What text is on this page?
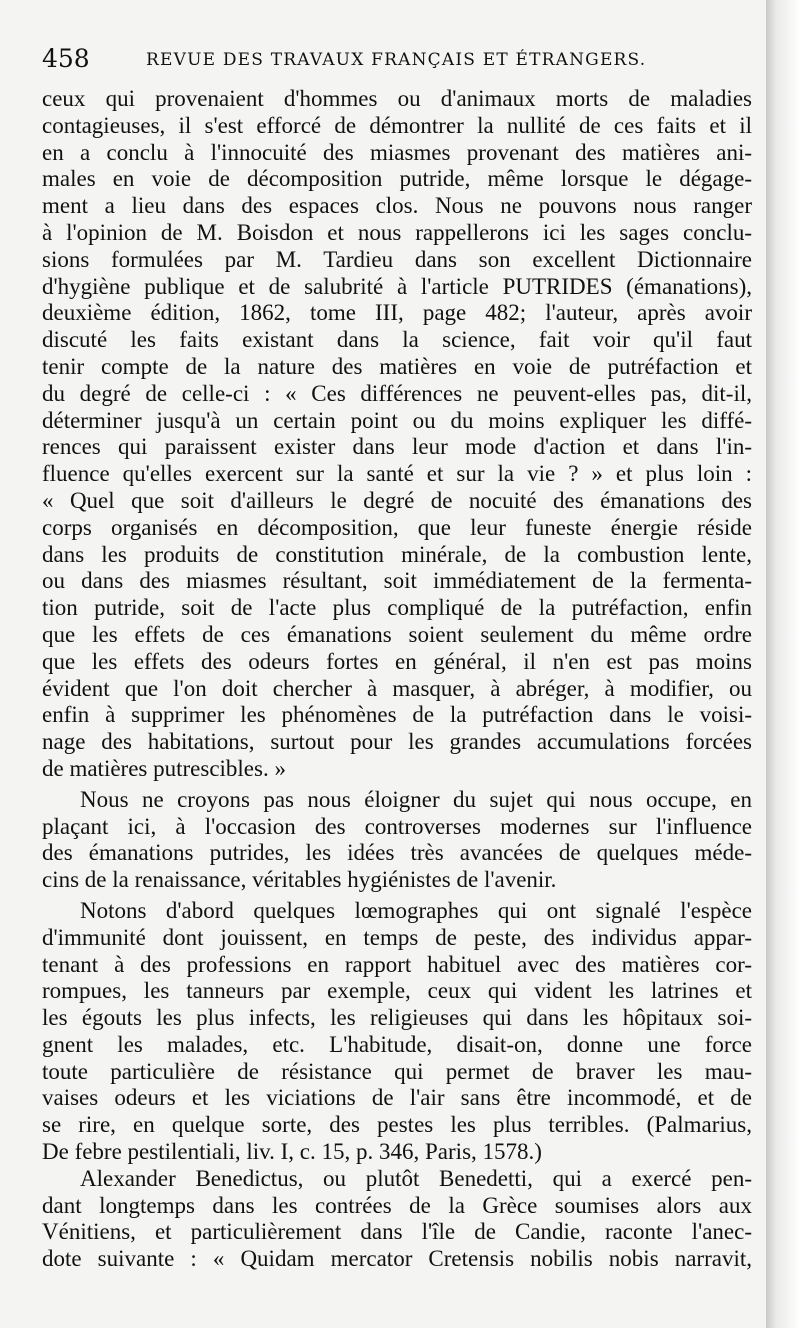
458	REVUE DES TRAVAUX FRANÇAIS ET ÉTRANGERS.
ceux qui provenaient d'hommes ou d'animaux morts de maladies
contagieuses, il s'est efforcé de démontrer la nullité de ces faits et il
en a conclu à l'innocuité des miasmes provenant des matières ani-
males en voie de décomposition putride, même lorsque le dégage-
ment a lieu dans des espaces clos. Nous ne pouvons nous ranger
à l'opinion de M. Boisdon et nous rappellerons ici les sages conclu-
sions formulées par M. Tardieu dans son excellent Dictionnaire
d'hygiène publique et de salubrité à l'article PUTRIDES (émanations),
deuxième édition, 1862, tome III, page 482; l'auteur, après avoir
discuté les faits existant dans la science, fait voir qu'il faut
tenir compte de la nature des matières en voie de putréfaction et
du degré de celle-ci : « Ces différences ne peuvent-elles pas, dit-il,
déterminer jusqu'à un certain point ou du moins expliquer les diffé-
rences qui paraissent exister dans leur mode d'action et dans l'in-
fluence qu'elles exercent sur la santé et sur la vie ? » et plus loin :
« Quel que soit d'ailleurs le degré de nocuité des émanations des
corps organisés en décomposition, que leur funeste énergie réside
dans les produits de constitution minérale, de la combustion lente,
ou dans des miasmes résultant, soit immédiatement de la fermenta-
tion putride, soit de l'acte plus compliqué de la putréfaction, enfin
que les effets de ces émanations soient seulement du même ordre
que les effets des odeurs fortes en général, il n'en est pas moins
évident que l'on doit chercher à masquer, à abréger, à modifier, ou
enfin à supprimer les phénomènes de la putréfaction dans le voisi-
nage des habitations, surtout pour les grandes accumulations forcées
de matières putrescibles. »
Nous ne croyons pas nous éloigner du sujet qui nous occupe, en
plaçant ici, à l'occasion des controverses modernes sur l'influence
des émanations putrides, les idées très avancées de quelques méde-
cins de la renaissance, véritables hygiénistes de l'avenir.
Notons d'abord quelques lœmographes qui ont signalé l'espèce
d'immunité dont jouissent, en temps de peste, des individus appar-
tenant à des professions en rapport habituel avec des matières cor-
rompues, les tanneurs par exemple, ceux qui vident les latrines et
les égouts les plus infects, les religieuses qui dans les hôpitaux soi-
gnent les malades, etc. L'habitude, disait-on, donne une force
toute particulière de résistance qui permet de braver les mau-
vaises odeurs et les viciations de l'air sans être incommodé, et de
se rire, en quelque sorte, des pestes les plus terribles. (Palmarius,
De febre pestilentiali, liv. I, c. 15, p. 346, Paris, 1578.)
Alexander Benedictus, ou plutôt Benedetti, qui a exercé pen-
dant longtemps dans les contrées de la Grèce soumises alors aux
Vénitiens, et particulièrement dans l'île de Candie, raconte l'anec-
dote suivante : « Quidam mercator Cretensis nobilis nobis narravit,
